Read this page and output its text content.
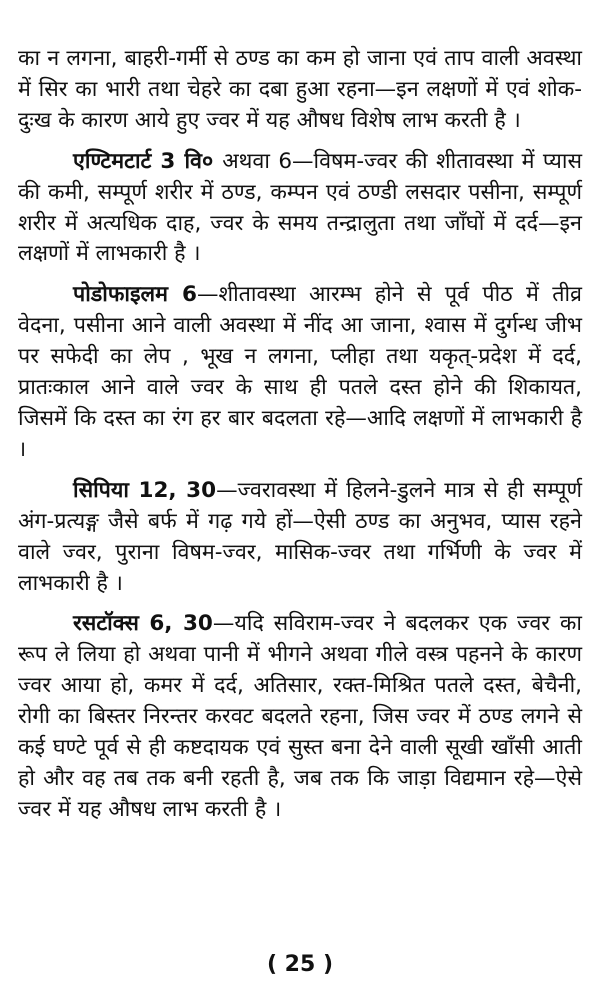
का न लगना, बाहरी-गर्मी से ठण्ड का कम हो जाना एवं ताप वाली अवस्था में सिर का भारी तथा चेहरे का दबा हुआ रहना—इन लक्षणों में एवं शोक-दुःख के कारण आये हुए ज्वर में यह औषध विशेष लाभ करती है ।

एण्टिमटार्ट 3 वि० अथवा 6—विषम-ज्वर की शीतावस्था में प्यास की कमी, सम्पूर्ण शरीर में ठण्ड, कम्पन एवं ठण्डी लसदार पसीना, सम्पूर्ण शरीर में अत्यधिक दाह, ज्वर के समय तन्द्रालुता तथा जाँघों में दर्द—इन लक्षणों में लाभकारी है ।

पोडोफाइलम 6—शीतावस्था आरम्भ होने से पूर्व पीठ में तीव्र वेदना, पसीना आने वाली अवस्था में नींद आ जाना, श्वास में दुर्गन्ध जीभ पर सफेदी का लेप , भूख न लगना, प्लीहा तथा यकृत्-प्रदेश में दर्द, प्रातःकाल आने वाले ज्वर के साथ ही पतले दस्त होने की शिकायत, जिसमें कि दस्त का रंग हर बार बदलता रहे—आदि लक्षणों में लाभकारी है ।

सिपिया 12, 30—ज्वरावस्था में हिलने-डुलने मात्र से ही सम्पूर्ण अंग-प्रत्यङ्ग जैसे बर्फ में गढ़ गये हों—ऐसी ठण्ड का अनुभव, प्यास रहने वाले ज्वर, पुराना विषम-ज्वर, मासिक-ज्वर तथा गर्भिणी के ज्वर में लाभकारी है ।

रसटॉक्स 6, 30—यदि सविराम-ज्वर ने बदलकर एक ज्वर का रूप ले लिया हो अथवा पानी में भीगने अथवा गीले वस्त्र पहनने के कारण ज्वर आया हो, कमर में दर्द, अतिसार, रक्त-मिश्रित पतले दस्त, बेचैनी, रोगी का बिस्तर निरन्तर करवट बदलते रहना, जिस ज्वर में ठण्ड लगने से कई घण्टे पूर्व से ही कष्टदायक एवं सुस्त बना देने वाली सूखी खाँसी आती हो और वह तब तक बनी रहती है, जब तक कि जाड़ा विद्यमान रहे—ऐसे ज्वर में यह औषध लाभ करती है ।

( 25 )
